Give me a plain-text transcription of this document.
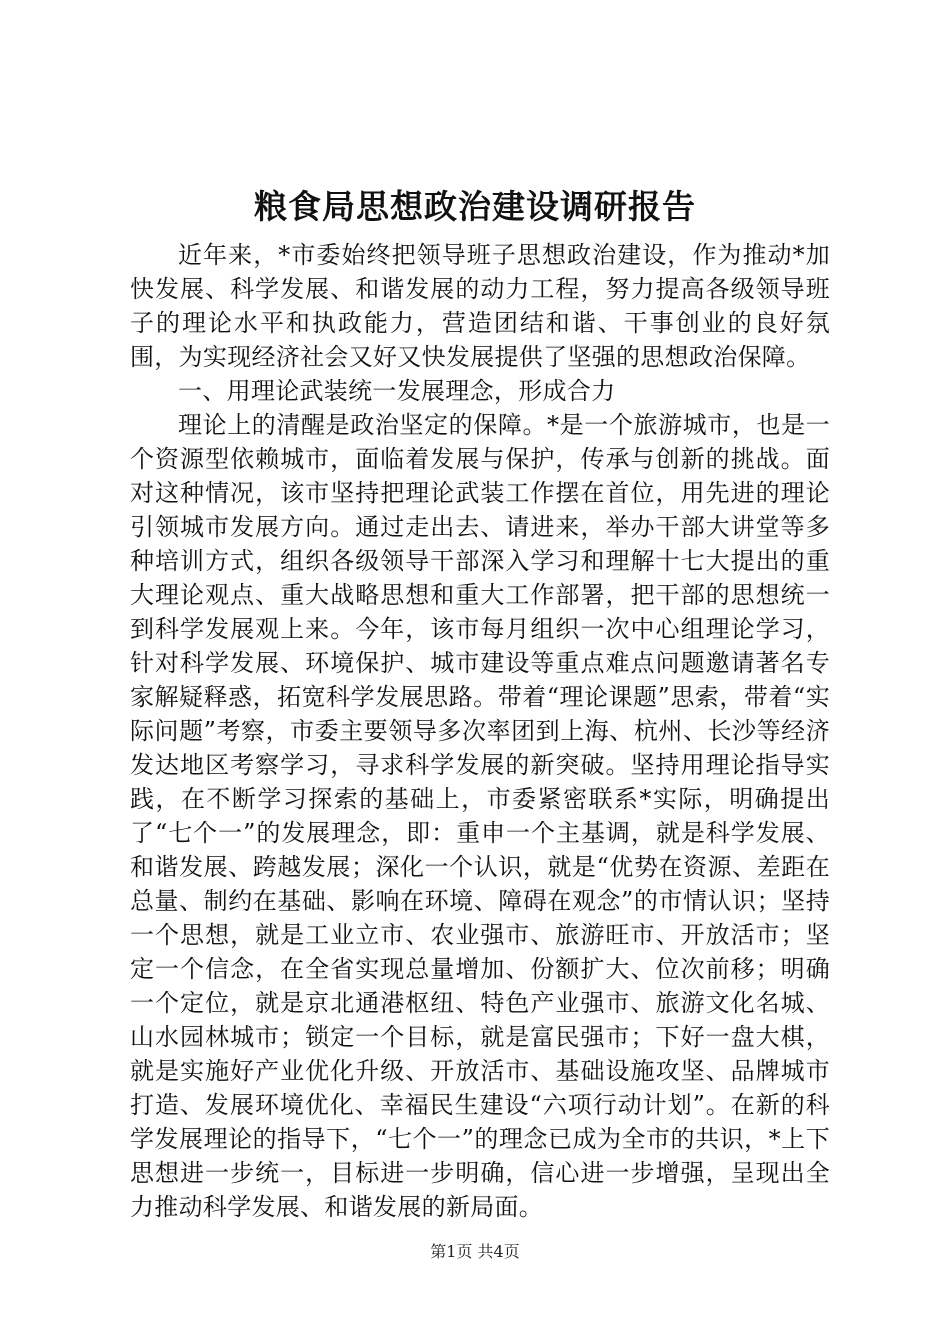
粮食局思想政治建设调研报告

近年来，*市委始终把领导班子思想政治建设，作为推动*加快发展、科学发展、和谐发展的动力工程，努力提高各级领导班子的理论水平和执政能力，营造团结和谐、干事创业的良好氛围，为实现经济社会又好又快发展提供了坚强的思想政治保障。

一、用理论武装统一发展理念，形成合力

理论上的清醒是政治坚定的保障。*是一个旅游城市，也是一个资源型依赖城市，面临着发展与保护，传承与创新的挑战。面对这种情况，该市坚持把理论武装工作摆在首位，用先进的理论引领城市发展方向。通过走出去、请进来，举办干部大讲堂等多种培训方式，组织各级领导干部深入学习和理解十七大提出的重大理论观点、重大战略思想和重大工作部署，把干部的思想统一到科学发展观上来。今年，该市每月组织一次中心组理论学习，针对科学发展、环境保护、城市建设等重点难点问题邀请著名专家解疑释惑，拓宽科学发展思路。带着“理论课题”思索，带着“实际问题”考察，市委主要领导多次率团到上海、杭州、长沙等经济发达地区考察学习，寻求科学发展的新突破。坚持用理论指导实践，在不断学习探索的基础上，市委紧密联系*实际，明确提出了“七个一”的发展理念，即：重申一个主基调，就是科学发展、和谐发展、跨越发展；深化一个认识，就是“优势在资源、差距在总量、制约在基础、影响在环境、障碍在观念”的市情认识；坚持一个思想，就是工业立市、农业强市、旅游旺市、开放活市；坚定一个信念，在全省实现总量增加、份额扩大、位次前移；明确一个定位，就是京北通港枢纽、特色产业强市、旅游文化名城、山水园林城市；锁定一个目标，就是富民强市；下好一盘大棋，就是实施好产业优化升级、开放活市、基础设施攻坚、品牌城市打造、发展环境优化、幸福民生建设“六项行动计划”。在新的科学发展理论的指导下，“七个一”的理念已成为全市的共识，*上下思想进一步统一，目标进一步明确，信心进一步增强，呈现出全力推动科学发展、和谐发展的新局面。

第1页 共4页
